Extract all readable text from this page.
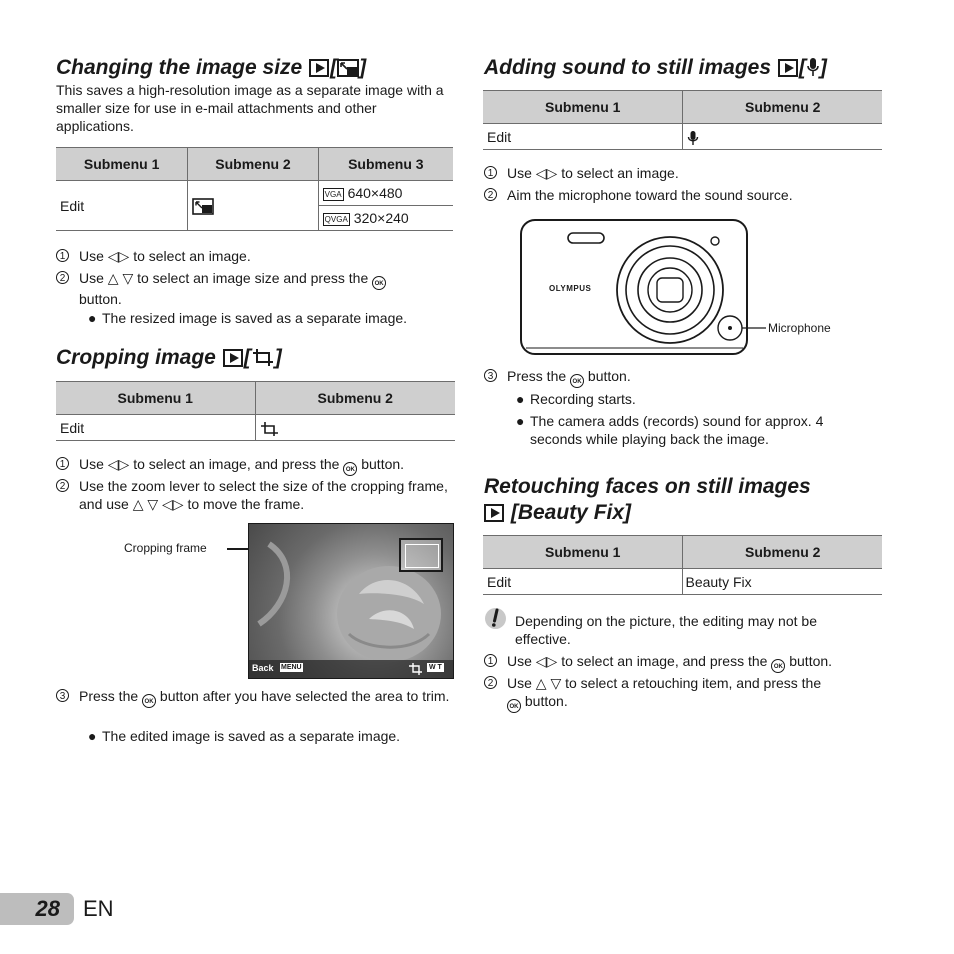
Changing the image size [ ]

This saves a high-resolution image as a separate image with a smaller size for use in e-mail attachments and other applications.

Submenu 1	Submenu 2	Submenu 3
Edit		VGA 640×480
		QVGA 320×240
1 Use ◁▷ to select an image.
2 Use △ ▽ to select an image size and press the OK
button.
● The resized image is saved as a separate image.
Cropping image [ ]
Submenu 1	Submenu 2
Edit	
1 Use ◁▷ to select an image, and press the OK button.
2 Use the zoom lever to select the size of the cropping frame, and use △ ▽ ◁▷ to move the frame.
Cropping frame
Back MENU	W T
3 Press the OK button after you have selected the area to trim.
● The edited image is saved as a separate image.
Adding sound to still images [ ]
Submenu 1	Submenu 2
Edit	
1 Use ◁▷ to select an image.
2 Aim the microphone toward the sound source.
OLYMPUS
Microphone
3 Press the OK button.
● Recording starts.
● The camera adds (records) sound for approx. 4 seconds while playing back the image.
Retouching faces on still images

[Beauty Fix]
Submenu 1	Submenu 2
Edit	Beauty Fix

Depending on the picture, the editing may not be effective.

1 Use ◁▷ to select an image, and press the OK button.
2 Use △ ▽ to select a retouching item, and press the
OK button.
28 EN
